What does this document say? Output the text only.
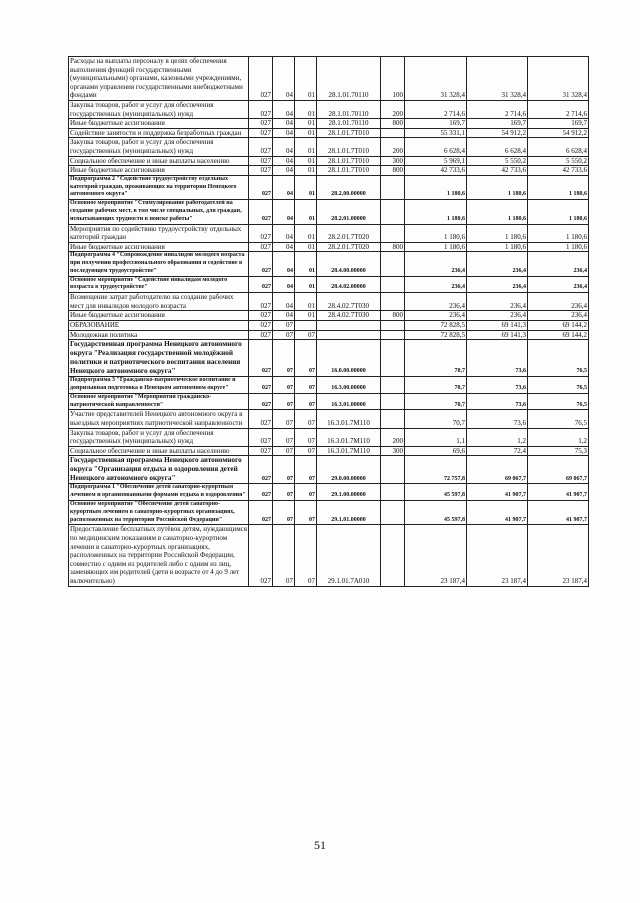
Расходы на выплаты персоналу в целях обеспечения выполнения функций государственными (муниципальными) органами, казенными учреждениями, органами управления государственными внебюджетными фондами	027	04	01	28.1.01.70110	100	31 328,4	31 328,4	31 328,4
Закупка товаров, работ и услуг для обеспечения государственных (муниципальных) нужд	027	04	01	28.1.01.70110	200	2 714,6	2 714,6	2 714,6
Иные бюджетные ассигнования	027	04	01	28.1.01.70110	800	169,7	169,7	169,7
Содействие занятости и поддержка безработных граждан	027	04	01	28.1.01.7Т010		55 331,1	54 912,2	54 912,2
Закупка товаров, работ и услуг для обеспечения государственных (муниципальных) нужд	027	04	01	28.1.01.7Т010	200	6 628,4	6 628,4	6 628,4
Социальное обеспечение и иные выплаты населению	027	04	01	28.1.01.7Т010	300	5 969,1	5 550,2	5 550,2
Иные бюджетные ассигнования	027	04	01	28.1.01.7Т010	800	42 733,6	42 733,6	42 733,6
Подпрограмма 2 "Содействие трудоустройству отдельных категорий граждан, проживающих на территории Ненецкого автономного округа"	027	04	01	28.2.00.00000		1 180,6	1 180,6	1 180,6
Основное мероприятие "Стимулирование работодателей на создание рабочих мест, в том числе специальных, для граждан, испытывающих трудности в поиске работы"	027	04	01	28.2.01.00000		1 180,6	1 180,6	1 180,6
Мероприятия по содействию трудоустройству отдельных категорий граждан	027	04	01	28.2.01.7Т020		1 180,6	1 180,6	1 180,6
Иные бюджетные ассигнования	027	04	01	28.2.01.7Т020	800	1 180,6	1 180,6	1 180,6
Подпрограмма 4 "Сопровождение инвалидов молодого возраста при получении профессионального образования и содействие в последующем трудоустройстве"	027	04	01	28.4.00.00000		236,4	236,4	236,4
Основное мероприятие "Содействие инвалидам молодого возраста в трудоустройстве"	027	04	01	28.4.02.00000		236,4	236,4	236,4
Возмещение затрат работодателю на создание рабочих мест для инвалидов молодого возраста	027	04	01	28.4.02.7Т030		236,4	236,4	236,4
Иные бюджетные ассигнования	027	04	01	28.4.02.7Т030	800	236,4	236,4	236,4
ОБРАЗОВАНИЕ	027	07				72 828,5	69 141,3	69 144,2
Молодежная политика	027	07	07			72 828,5	69 141,3	69 144,2
Государственная программа Ненецкого автономного округа "Реализация государственной молодёжной политики и патриотического воспитания населения Ненецкого автономного округа"	027	07	07	16.0.00.00000		70,7	73,6	76,5
Подпрограмма 3 "Гражданско-патриотическое воспитание и допризывная подготовка в Ненецком автономном округе"	027	07	07	16.3.00.00000		70,7	73,6	76,5
Основное мероприятие "Мероприятия гражданско-патриотической направленности"	027	07	07	16.3.01.00000		70,7	73,6	76,5
Участие представителей Ненецкого автономного округа в выездных мероприятиях патриотической направленности	027	07	07	16.3.01.7М110		70,7	73,6	76,5
Закупка товаров, работ и услуг для обеспечения государственных (муниципальных) нужд	027	07	07	16.3.01.7М110	200	1,1	1,2	1,2
Социальное обеспечение и иные выплаты населению	027	07	07	16.3.01.7М110	300	69,6	72,4	75,3
Государственная программа Ненецкого автономного округа "Организация отдыха и оздоровления детей Ненецкого автономного округа"	027	07	07	29.0.00.00000		72 757,8	69 067,7	69 067,7
Подпрограмма 1 "Обеспечение детей санаторно-курортным лечением и организованными формами отдыха и оздоровления"	027	07	07	29.1.00.00000		45 597,8	41 907,7	41 907,7
Основное мероприятие "Обеспечение детей санаторно-курортным лечением в санаторно-курортных организациях, расположенных на территории Российской Федерации"	027	07	07	29.1.01.00000		45 597,8	41 907,7	41 907,7
Предоставление бесплатных путёвок детям, нуждающимся по медицинским показаниям в санаторно-курортном лечении в санаторно-курортных организациях, расположенных на территории Российской Федерации, совместно с одним из родителей либо с одним из лиц, заменяющих им родителей (дети в возрасте от 4 до 9 лет включительно)	027	07	07	29.1.01.7А010		23 187,4	23 187,4	23 187,4
51
